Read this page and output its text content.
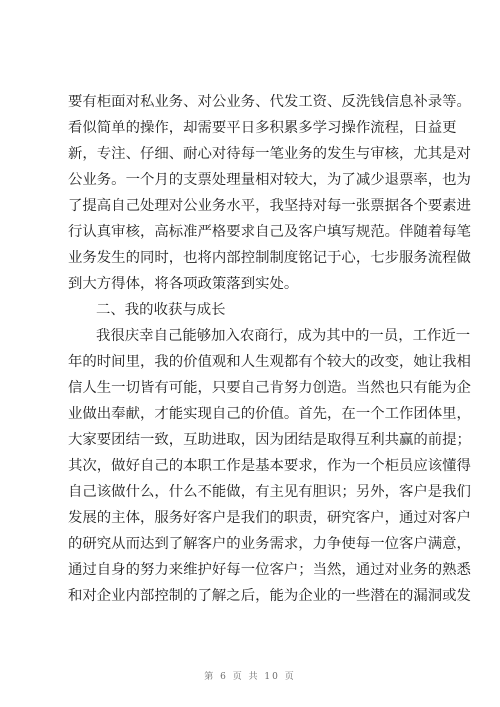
要有柜面对私业务、对公业务、代发工资、反洗钱信息补录等。
看似简单的操作，却需要平日多积累多学习操作流程，日益更
新，专注、仔细、耐心对待每一笔业务的发生与审核，尤其是对
公业务。一个月的支票处理量相对较大，为了减少退票率，也为
了提高自己处理对公业务水平，我坚持对每一张票据各个要素进
行认真审核，高标准严格要求自己及客户填写规范。伴随着每笔
业务发生的同时，也将内部控制制度铭记于心，七步服务流程做
到大方得体，将各项政策落到实处。
二、我的收获与成长
我很庆幸自己能够加入农商行，成为其中的一员，工作近一
年的时间里，我的价值观和人生观都有个较大的改变，她让我相
信人生一切皆有可能，只要自己肯努力创造。当然也只有能为企
业做出奉献，才能实现自己的价值。首先，在一个工作团体里，
大家要团结一致，互助进取，因为团结是取得互利共赢的前提；
其次，做好自己的本职工作是基本要求，作为一个柜员应该懂得
自己该做什么，什么不能做，有主见有胆识；另外，客户是我们
发展的主体，服务好客户是我们的职责，研究客户，通过对客户
的研究从而达到了解客户的业务需求，力争使每一位客户满意，
通过自身的努力来维护好每一位客户；当然，通过对业务的熟悉
和对企业内部控制的了解之后，能为企业的一些潜在的漏洞或发
第 6 页 共 10 页
